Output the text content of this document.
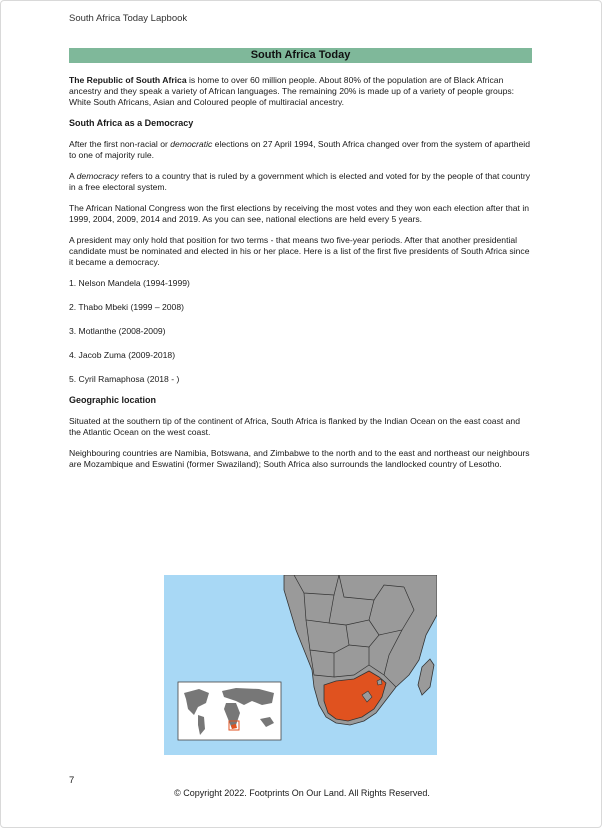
South Africa Today Lapbook
South Africa Today

The Republic of South Africa is home to over 60 million people. About 80% of the population are of Black African ancestry and they speak a variety of African languages. The remaining 20% is made up of a variety of people groups: White South Africans, Asian and Coloured people of multiracial ancestry.

South Africa as a Democracy

After the first non-racial or democratic elections on 27 April 1994, South Africa changed over from the system of apartheid to one of majority rule.

A democracy refers to a country that is ruled by a government which is elected and voted for by the people of that country in a free electoral system.

The African National Congress won the first elections by receiving the most votes and they won each election after that in 1999, 2004, 2009, 2014 and 2019. As you can see, national elections are held every 5 years.

A president may only hold that position for two terms - that means two five-year periods. After that another presidential candidate must be nominated and elected in his or her place. Here is a list of the first five presidents of South Africa since it became a democracy.

1. Nelson Mandela (1994-1999)
2. Thabo Mbeki (1999 – 2008)
3. Motlanthe (2008-2009)
4. Jacob Zuma (2009-2018)
5. Cyril Ramaphosa (2018 - )
Geographic location

Situated at the southern tip of the continent of Africa, South Africa is flanked by the Indian Ocean on the east coast and the Atlantic Ocean on the west coast.

Neighbouring countries are Namibia, Botswana, and Zimbabwe to the north and to the east and northeast our neighbours are Mozambique and Eswatini (former Swaziland); South Africa also surrounds the landlocked country of Lesotho.

7
© Copyright 2022. Footprints On Our Land. All Rights Reserved.
